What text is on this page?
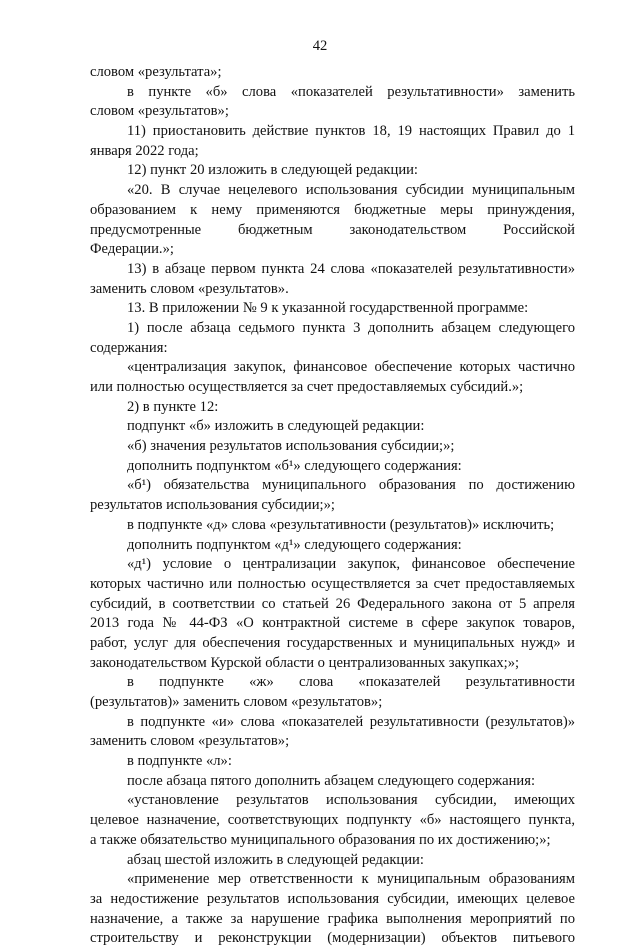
42
словом «результата»;
в пункте «б» слова «показателей результативности» заменить
словом «результатов»;
11) приостановить действие пунктов 18, 19 настоящих Правил до 1
января 2022 года;
12) пункт 20 изложить в следующей редакции:
«20. В случае нецелевого использования субсидии муниципальным
образованием к нему применяются бюджетные меры принуждения,
предусмотренные бюджетным законодательством Российской
Федерации.»;
13) в абзаце первом пункта 24 слова «показателей результативности»
заменить словом «результатов».
13. В приложении № 9 к указанной государственной программе:
1) после абзаца седьмого пункта 3 дополнить абзацем следующего
содержания:
«централизация закупок, финансовое обеспечение которых частично
или полностью осуществляется за счет предоставляемых субсидий.»;
2) в пункте 12:
подпункт «б» изложить в следующей редакции:
«б) значения результатов использования субсидии;»;
дополнить подпунктом «б¹» следующего содержания:
«б¹) обязательства муниципального образования по достижению
результатов использования субсидии;»;
в подпункте «д» слова «результативности (результатов)» исключить;
дополнить подпунктом «д¹» следующего содержания:
«д¹) условие о централизации закупок, финансовое обеспечение
которых частично или полностью осуществляется за счет предоставляемых
субсидий, в соответствии со статьей 26 Федерального закона от 5 апреля
2013 года № 44-ФЗ «О контрактной системе в сфере закупок товаров,
работ, услуг для обеспечения государственных и муниципальных нужд» и
законодательством Курской области о централизованных закупках;»;
в подпункте «ж» слова «показателей результативности
(результатов)» заменить словом «результатов»;
в подпункте «и» слова «показателей результативности (результатов)»
заменить словом «результатов»;
в подпункте «л»:
после абзаца пятого дополнить абзацем следующего содержания:
«установление результатов использования субсидии, имеющих
целевое назначение, соответствующих подпункту «б» настоящего пункта,
а также обязательство муниципального образования по их достижению;»;
абзац шестой изложить в следующей редакции:
«применение мер ответственности к муниципальным образованиям
за недостижение результатов использования субсидии, имеющих целевое
назначение, а также за нарушение графика выполнения мероприятий по
строительству и реконструкции (модернизации) объектов питьевого
